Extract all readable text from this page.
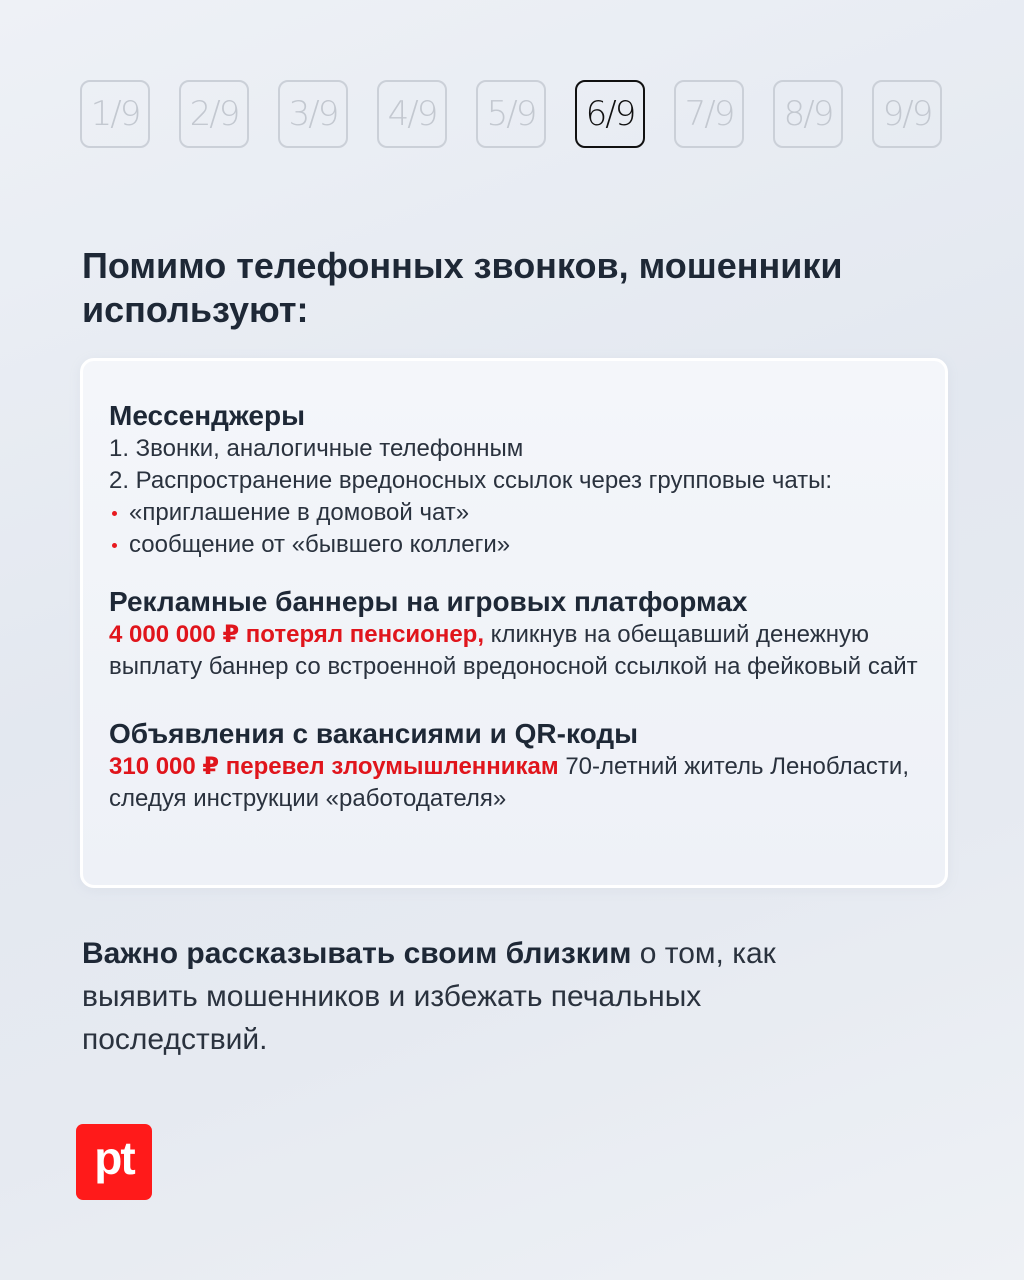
1/9	2/9	3/9	4/9	5/9	6/9	7/9	8/9	9/9
Помимо телефонных звонков, мошенники используют:
Мессенджеры
1. Звонки, аналогичные телефонным
2. Распространение вредоносных ссылок через групповые чаты:
«приглашение в домовой чат»
сообщение от «бывшего коллеги»
Рекламные баннеры на игровых платформах
4 000 000 ₽ потерял пенсионер, кликнув на обещавший денежную выплату баннер со встроенной вредоносной ссылкой на фейковый сайт
Объявления с вакансиями и QR-коды
310 000 ₽ перевел злоумышленникам 70-летний житель Ленобласти, следуя инструкции «работодателя»

Важно рассказывать своим близким о том, как выявить мошенников и избежать печальных последствий.

pt
